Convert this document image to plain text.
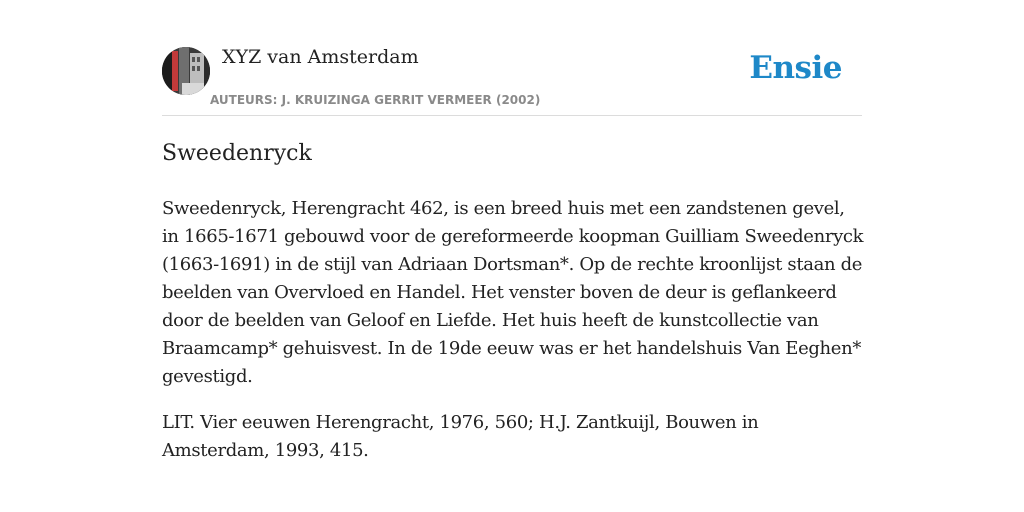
XYZ van Amsterdam
AUTEURS: J. KRUIZINGA GERRIT VERMEER (2002)
Ensie
Sweedenryck

Sweedenryck, Herengracht 462, is een breed huis met een zandstenen gevel, in 1665-1671 gebouwd voor de gereformeerde koopman Guilliam Sweedenryck (1663-1691) in de stijl van Adriaan Dortsman*. Op de rechte kroonlijst staan de beelden van Overvloed en Handel. Het venster boven de deur is geflankeerd door de beelden van Geloof en Liefde. Het huis heeft de kunstcollectie van Braamcamp* gehuisvest. In de 19de eeuw was er het handelshuis Van Eeghen* gevestigd.

LIT. Vier eeuwen Herengracht, 1976, 560; H.J. Zantkuijl, Bouwen in Amsterdam, 1993, 415.
